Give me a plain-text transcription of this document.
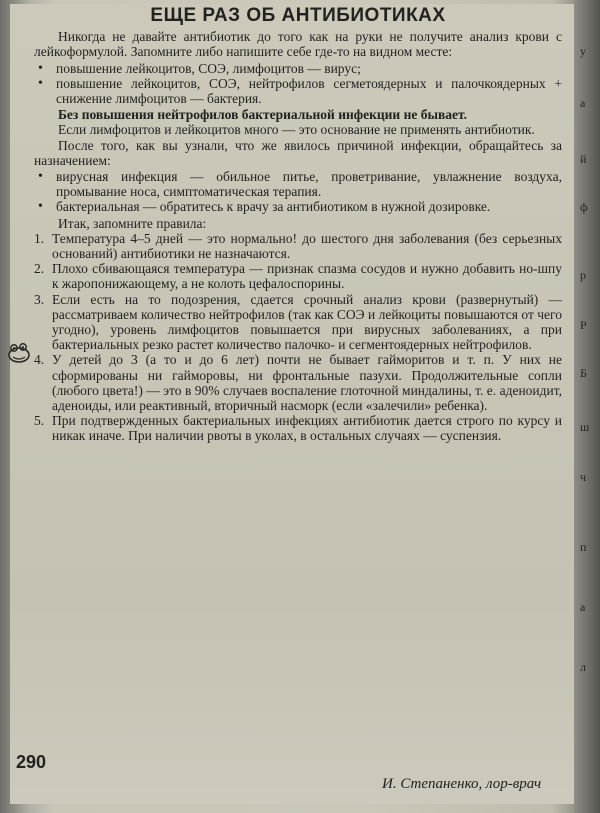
у
а
й
ф
р
Р
Б
ш
ч
п
а
л
ЕЩЕ РАЗ ОБ АНТИБИОТИКАХ

Никогда не давайте антибиотик до того как на руки не получите анализ крови с лейкоформулой. Запомните либо напишите себе где-то на видном месте:

• повышение лейкоцитов, СОЭ, лимфоцитов — вирус;
• повышение лейкоцитов, СОЭ, нейтрофилов сегметоядерных и палочкоядерных + снижение лимфоцитов — бактерия.

Без повышения нейтрофилов бактериальной инфекции не бывает.

Если лимфоцитов и лейкоцитов много — это основание не применять антибиотик.

После того, как вы узнали, что же явилось причиной инфекции, обращайтесь за назначением:

• вирусная инфекция — обильное питье, проветривание, увлажнение воздуха, промывание носа, симптоматическая терапия.
• бактериальная — обратитесь к врачу за антибиотиком в нужной дозировке.

Итак, запомните правила:

1. Температура 4–5 дней — это нормально! до шестого дня заболевания (без серьезных оснований) антибиотики не назначаются.
2. Плохо сбивающаяся температура — признак спазма сосудов и нужно добавить но-шпу к жаропонижающему, а не колоть цефалоспорины.
3. Если есть на то подозрения, сдается срочный анализ крови (развернутый) — рассматриваем количество нейтрофилов (так как СОЭ и лейкоциты повышаются от чего угодно), уровень лимфоцитов повышается при вирусных заболеваниях, а при бактериальных резко растет количество палочко- и сегментоядерных нейтрофилов.
4. У детей до 3 (а то и до 6 лет) почти не бывает гайморитов и т. п. У них не сформированы ни гайморовы, ни фронтальные пазухи. Продолжительные сопли (любого цвета!) — это в 90% случаев воспаление глоточной миндалины, т. е. аденоидит, аденоиды, или реактивный, вторичный насморк (если «залечили» ребенка).
5. При подтвержденных бактериальных инфекциях антибиотик дается строго по курсу и никак иначе. При наличии рвоты в уколах, в остальных случаях — суспензия.
290
И. Степаненко, лор-врач
